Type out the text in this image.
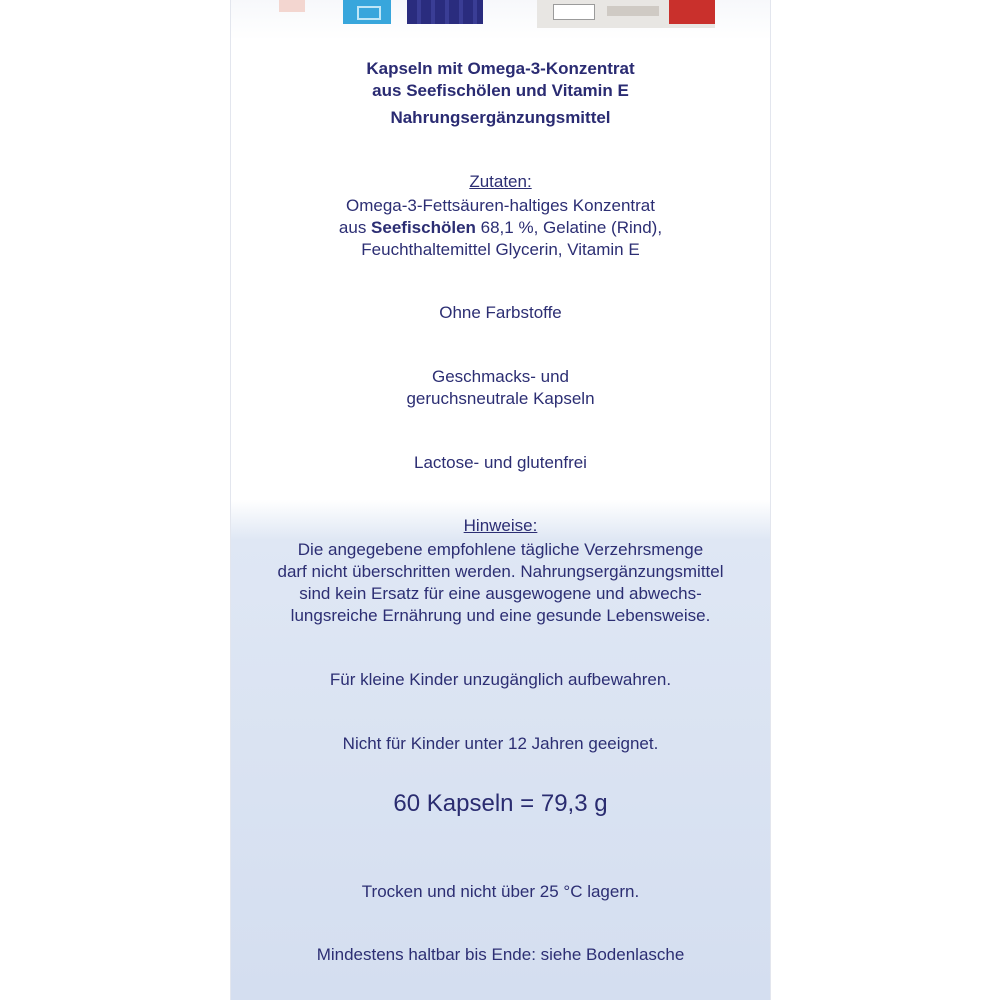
Kapseln mit Omega-3-Konzentrat
aus Seefischölen und Vitamin E
Nahrungsergänzungsmittel
Zutaten:
Omega-3-Fettsäuren-haltiges Konzentrat
aus Seefischölen 68,1 %, Gelatine (Rind),
Feuchthaltemittel Glycerin, Vitamin E
Ohne Farbstoffe
Geschmacks- und
geruchsneutrale Kapseln
Lactose- und glutenfrei
Hinweise:
Die angegebene empfohlene tägliche Verzehrsmenge
darf nicht überschritten werden. Nahrungsergänzungsmittel
sind kein Ersatz für eine ausgewogene und abwechs-
lungsreiche Ernährung und eine gesunde Lebensweise.
Für kleine Kinder unzugänglich aufbewahren.
Nicht für Kinder unter 12 Jahren geeignet.
60 Kapseln = 79,3 g
Trocken und nicht über 25 °C lagern.
Mindestens haltbar bis Ende: siehe Bodenlasche
